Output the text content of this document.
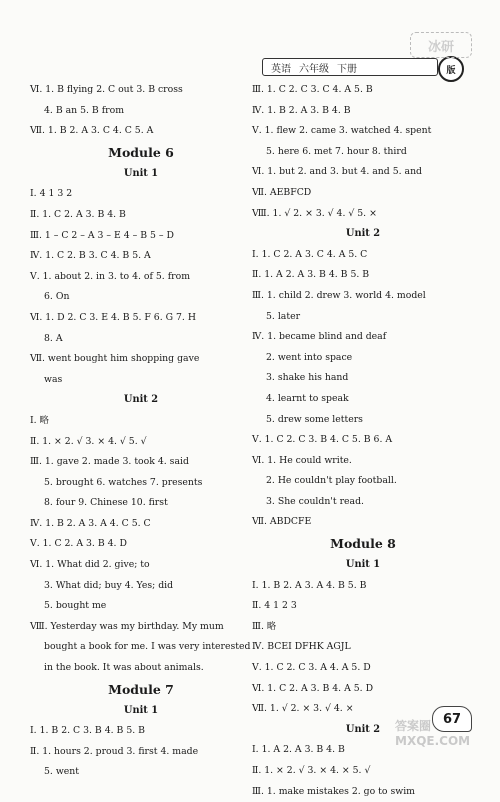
英语 六年级 下册	版
冰研
Ⅵ. 1. B flying 2. C out 3. B cross
4. B an 5. B from
Ⅶ. 1. B 2. A 3. C 4. C 5. A
Module 6
Unit 1
Ⅰ. 4 1 3 2
Ⅱ. 1. C 2. A 3. B 4. B
Ⅲ. 1 – C 2 – A 3 – E 4 – B 5 – D
Ⅳ. 1. C 2. B 3. C 4. B 5. A
Ⅴ. 1. about 2. in 3. to 4. of 5. from
6. On
Ⅵ. 1. D 2. C 3. E 4. B 5. F 6. G 7. H
8. A
Ⅶ. went bought him shopping gave
was
Unit 2
Ⅰ. 略
Ⅱ. 1. × 2. √ 3. × 4. √ 5. √
Ⅲ. 1. gave 2. made 3. took 4. said
5. brought 6. watches 7. presents
8. four 9. Chinese 10. first
Ⅳ. 1. B 2. A 3. A 4. C 5. C
Ⅴ. 1. C 2. A 3. B 4. D
Ⅵ. 1. What did 2. give; to
3. What did; buy 4. Yes; did
5. bought me
Ⅷ. Yesterday was my birthday. My mum
bought a book for me. I was very interested
in the book. It was about animals.
Module 7
Unit 1
Ⅰ. 1. B 2. C 3. B 4. B 5. B
Ⅱ. 1. hours 2. proud 3. first 4. made
5. went
Ⅲ. 1. C 2. C 3. C 4. A 5. B
Ⅳ. 1. B 2. A 3. B 4. B
Ⅴ. 1. flew 2. came 3. watched 4. spent
5. here 6. met 7. hour 8. third
Ⅵ. 1. but 2. and 3. but 4. and 5. and
Ⅶ. AEBFCD
Ⅷ. 1. √ 2. × 3. √ 4. √ 5. ×
Unit 2
Ⅰ. 1. C 2. A 3. C 4. A 5. C
Ⅱ. 1. A 2. A 3. B 4. B 5. B
Ⅲ. 1. child 2. drew 3. world 4. model
5. later
Ⅳ. 1. became blind and deaf
2. went into space
3. shake his hand
4. learnt to speak
5. drew some letters
Ⅴ. 1. C 2. C 3. B 4. C 5. B 6. A
Ⅵ. 1. He could write.
2. He couldn't play football.
3. She couldn't read.
Ⅶ. ABDCFE
Module 8
Unit 1
Ⅰ. 1. B 2. A 3. A 4. B 5. B
Ⅱ. 4 1 2 3
Ⅲ. 略
Ⅳ. BCEI DFHK AGJL
Ⅴ. 1. C 2. C 3. A 4. A 5. D
Ⅵ. 1. C 2. A 3. B 4. A 5. D
Ⅶ. 1. √ 2. × 3. √ 4. ×
Unit 2
Ⅰ. 1. A 2. A 3. B 4. B
Ⅱ. 1. × 2. √ 3. × 4. × 5. √
Ⅲ. 1. make mistakes 2. go to swim
67
答案圈 MXQE.COM
